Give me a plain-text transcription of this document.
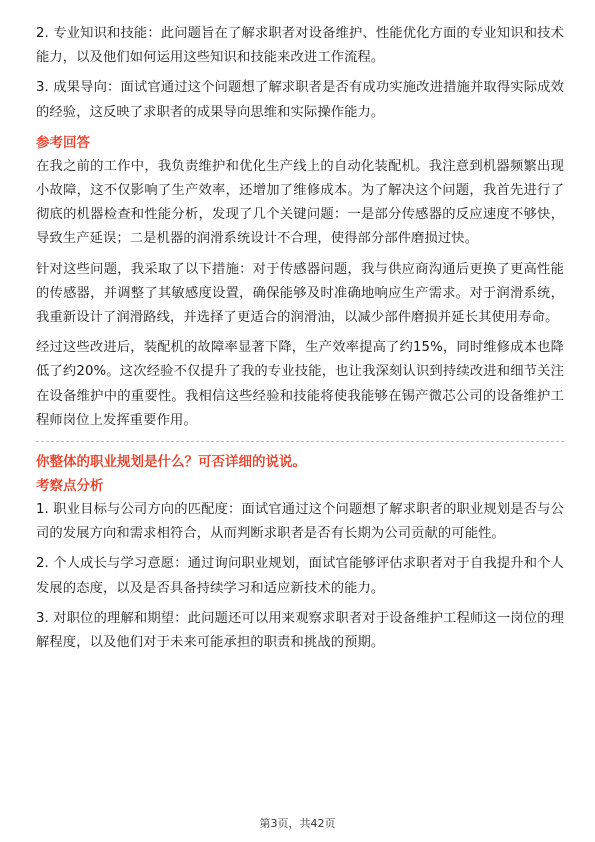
2. 专业知识和技能：此问题旨在了解求职者对设备维护、性能优化方面的专业知识和技术能力，以及他们如何运用这些知识和技能来改进工作流程。

3. 成果导向：面试官通过这个问题想了解求职者是否有成功实施改进措施并取得实际成效的经验，这反映了求职者的成果导向思维和实际操作能力。

参考回答

在我之前的工作中，我负责维护和优化生产线上的自动化装配机。我注意到机器频繁出现小故障，这不仅影响了生产效率，还增加了维修成本。为了解决这个问题，我首先进行了彻底的机器检查和性能分析，发现了几个关键问题：一是部分传感器的反应速度不够快，导致生产延误；二是机器的润滑系统设计不合理，使得部分部件磨损过快。

针对这些问题，我采取了以下措施：对于传感器问题，我与供应商沟通后更换了更高性能的传感器，并调整了其敏感度设置，确保能够及时准确地响应生产需求。对于润滑系统，我重新设计了润滑路线，并选择了更适合的润滑油，以减少部件磨损并延长其使用寿命。

经过这些改进后，装配机的故障率显著下降，生产效率提高了约15%，同时维修成本也降低了约20%。这次经验不仅提升了我的专业技能，也让我深刻认识到持续改进和细节关注在设备维护中的重要性。我相信这些经验和技能将使我能够在锡产微芯公司的设备维护工程师岗位上发挥重要作用。

你整体的职业规划是什么？可否详细的说说。
考察点分析

1. 职业目标与公司方向的匹配度：面试官通过这个问题想了解求职者的职业规划是否与公司的发展方向和需求相符合，从而判断求职者是否有长期为公司贡献的可能性。

2. 个人成长与学习意愿：通过询问职业规划，面试官能够评估求职者对于自我提升和个人发展的态度，以及是否具备持续学习和适应新技术的能力。

3. 对职位的理解和期望：此问题还可以用来观察求职者对于设备维护工程师这一岗位的理解程度，以及他们对于未来可能承担的职责和挑战的预期。

第3页，共42页
